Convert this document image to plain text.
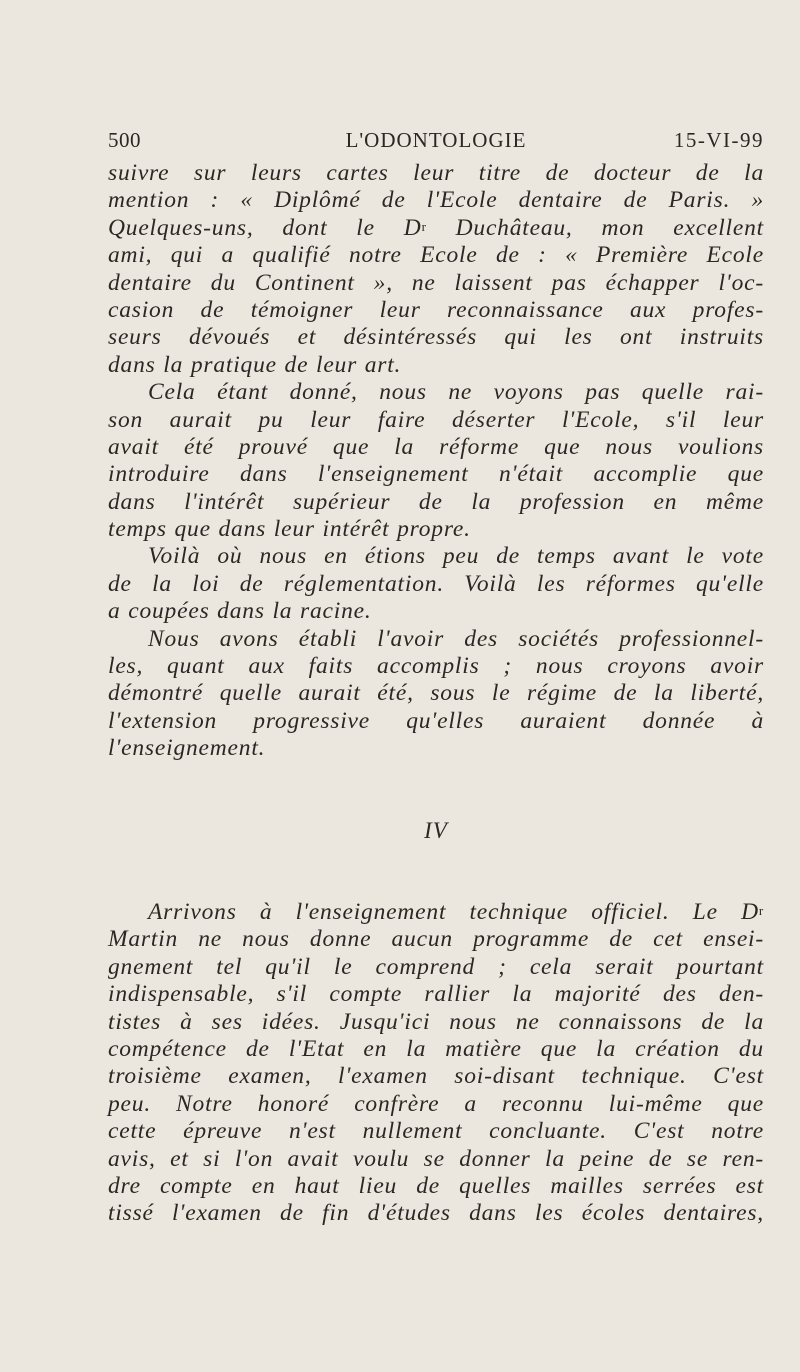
500	L'ODONTOLOGIE	15-VI-99
suivre sur leurs cartes leur titre de docteur de la
mention : « Diplômé de l'Ecole dentaire de Paris. »
Quelques-uns, dont le $D^r$ Duchâteau, mon excellent
ami, qui a qualifié notre Ecole de : « Première Ecole
dentaire du Continent », ne laissent pas échapper l'oc-
casion de témoigner leur reconnaissance aux profes-
seurs dévoués et désintéressés qui les ont instruits
dans la pratique de leur art.
Cela étant donné, nous ne voyons pas quelle rai-
son aurait pu leur faire déserter l'Ecole, s'il leur
avait été prouvé que la réforme que nous voulions
introduire dans l'enseignement n'était accomplie que
dans l'intérêt supérieur de la profession en même
temps que dans leur intérêt propre.
Voilà où nous en étions peu de temps avant le vote
de la loi de réglementation. Voilà les réformes qu'elle
a coupées dans la racine.
Nous avons établi l'avoir des sociétés professionnel-
les, quant aux faits accomplis ; nous croyons avoir
démontré quelle aurait été, sous le régime de la liberté,
l'extension progressive qu'elles auraient donnée à
l'enseignement.
IV
Arrivons à l'enseignement technique officiel. Le $D^r$
Martin ne nous donne aucun programme de cet ensei-
gnement tel qu'il le comprend ; cela serait pourtant
indispensable, s'il compte rallier la majorité des den-
tistes à ses idées. Jusqu'ici nous ne connaissons de la
compétence de l'Etat en la matière que la création du
troisième examen, l'examen soi-disant technique. C'est
peu. Notre honoré confrère a reconnu lui-même que
cette épreuve n'est nullement concluante. C'est notre
avis, et si l'on avait voulu se donner la peine de se ren-
dre compte en haut lieu de quelles mailles serrées est
tissé l'examen de fin d'études dans les écoles dentaires,
